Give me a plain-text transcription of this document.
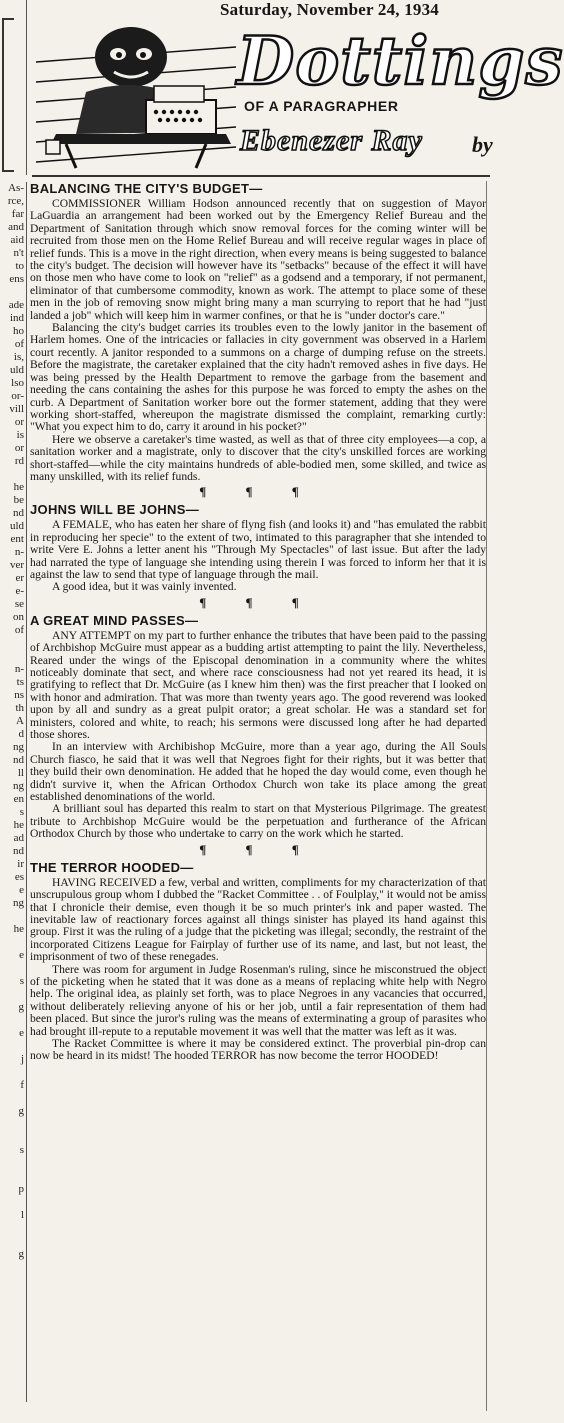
As-
rce,
far
and
aid
n't
to
ens

ade
ind
ho
of
is,
uld
lso
or-
vill
or
is
or
rd

he
be
nd
uld
ent
n-
ver
er
e-
se
on
of

n-
ts
ns
th
A
d
ng
nd
ll
ng
en
s
he
ad
nd
ir
es
e
ng

he

e

s

g

e

j

f

g

s

p

l

g
Saturday, November 24, 1934
Dottings
OF A PARAGRAPHER
Ebenezer Ray by
BALANCING THE CITY'S BUDGET—

COMMISSIONER William Hodson announced recently that on suggestion of Mayor LaGuardia an arrangement had been worked out by the Emergency Relief Bureau and the Department of Sanitation through which snow removal forces for the coming winter will be recruited from those men on the Home Relief Bureau and will receive regular wages in place of relief funds. This is a move in the right direction, when every means is being suggested to balance the city's budget. The decision will however have its "setbacks" because of the effect it will have on those men who have come to look on "relief" as a godsend and a temporary, if not permanent, eliminator of that cumbersome commodity, known as work. The attempt to place some of these men in the job of removing snow might bring many a man scurrying to report that he had "just landed a job" which will keep him in warmer confines, or that he is "under doctor's care."

Balancing the city's budget carries its troubles even to the lowly janitor in the basement of Harlem homes. One of the intricacies or fallacies in city government was observed in a Harlem court recently. A janitor responded to a summons on a charge of dumping refuse on the streets. Before the magistrate, the caretaker explained that the city hadn't removed ashes in five days. He was being pressed by the Health Department to remove the garbage from the basement and needing the cans containing the ashes for this purpose he was forced to empty the ashes on the curb. A Department of Sanitation worker bore out the former statement, adding that they were working short-staffed, whereupon the magistrate dismissed the complaint, remarking curtly: "What you expect him to do, carry it around in his pocket?"

Here we observe a caretaker's time wasted, as well as that of three city employees—a cop, a sanitation worker and a magistrate, only to discover that the city's unskilled forces are working short-staffed—while the city maintains hundreds of able-bodied men, some skilled, and twice as many unskilled, with its relief funds.

¶ ¶ ¶
JOHNS WILL BE JOHNS—

A FEMALE, who has eaten her share of flyng fish (and looks it) and "has emulated the rabbit in reproducing her specie" to the extent of two, intimated to this paragrapher that she intended to write Vere E. Johns a letter anent his "Through My Spectacles" of last issue. But after the lady had narrated the type of language she intending using therein I was forced to inform her that it is against the law to send that type of language through the mail.

A good idea, but it was vainly invented.

¶ ¶ ¶
A GREAT MIND PASSES—

ANY ATTEMPT on my part to further enhance the tributes that have been paid to the passing of Archbishop McGuire must appear as a budding artist attempting to paint the lily. Nevertheless, Reared under the wings of the Episcopal denomination in a community where the whites noticeably dominate that sect, and where race consciousness had not yet reared its head, it is gratifying to reflect that Dr. McGuire (as I knew him then) was the first preacher that I looked on with honor and admiration. That was more than twenty years ago. The good reverend was looked upon by all and sundry as a great pulpit orator; a great scholar. He was a standard set for ministers, colored and white, to reach; his sermons were discussed long after he had departed those shores.

In an interview with Archibishop McGuire, more than a year ago, during the All Souls Church fiasco, he said that it was well that Negroes fight for their rights, but it was better that they build their own denomination. He added that he hoped the day would come, even though he didn't survive it, when the African Orthodox Church won take its place among the great established denominations of the world.

A brilliant soul has departed this realm to start on that Mysterious Pilgrimage. The greatest tribute to Archbishop McGuire would be the perpetuation and furtherance of the African Orthodox Church by those who undertake to carry on the work which he started.

¶ ¶ ¶
THE TERROR HOODED—

HAVING RECEIVED a few, verbal and written, compliments for my characterization of that unscrupulous group whom I dubbed the "Racket Committee . . of Foulplay," it would not be amiss that I chronicle their demise, even though it be so much printer's ink and paper wasted. The inevitable law of reactionary forces against all things sinister has played its hand against this group. First it was the ruling of a judge that the picketing was illegal; secondly, the restraint of the incorporated Citizens League for Fairplay of further use of its name, and last, but not least, the imprisonment of two of these renegades.

There was room for argument in Judge Rosenman's ruling, since he misconstrued the object of the picketing when he stated that it was done as a means of replacing white help with Negro help. The original idea, as plainly set forth, was to place Negroes in any vacancies that occurred, without deliberately relieving anyone of his or her job, until a fair representation of them had been placed. But since the juror's ruling was the means of exterminating a group of parasites who had brought ill-repute to a reputable movement it was well that the matter was left as it was.

The Racket Committee is where it may be considered extinct. The proverbial pin-drop can now be heard in its midst! The hooded TERROR has now become the terror HOODED!
